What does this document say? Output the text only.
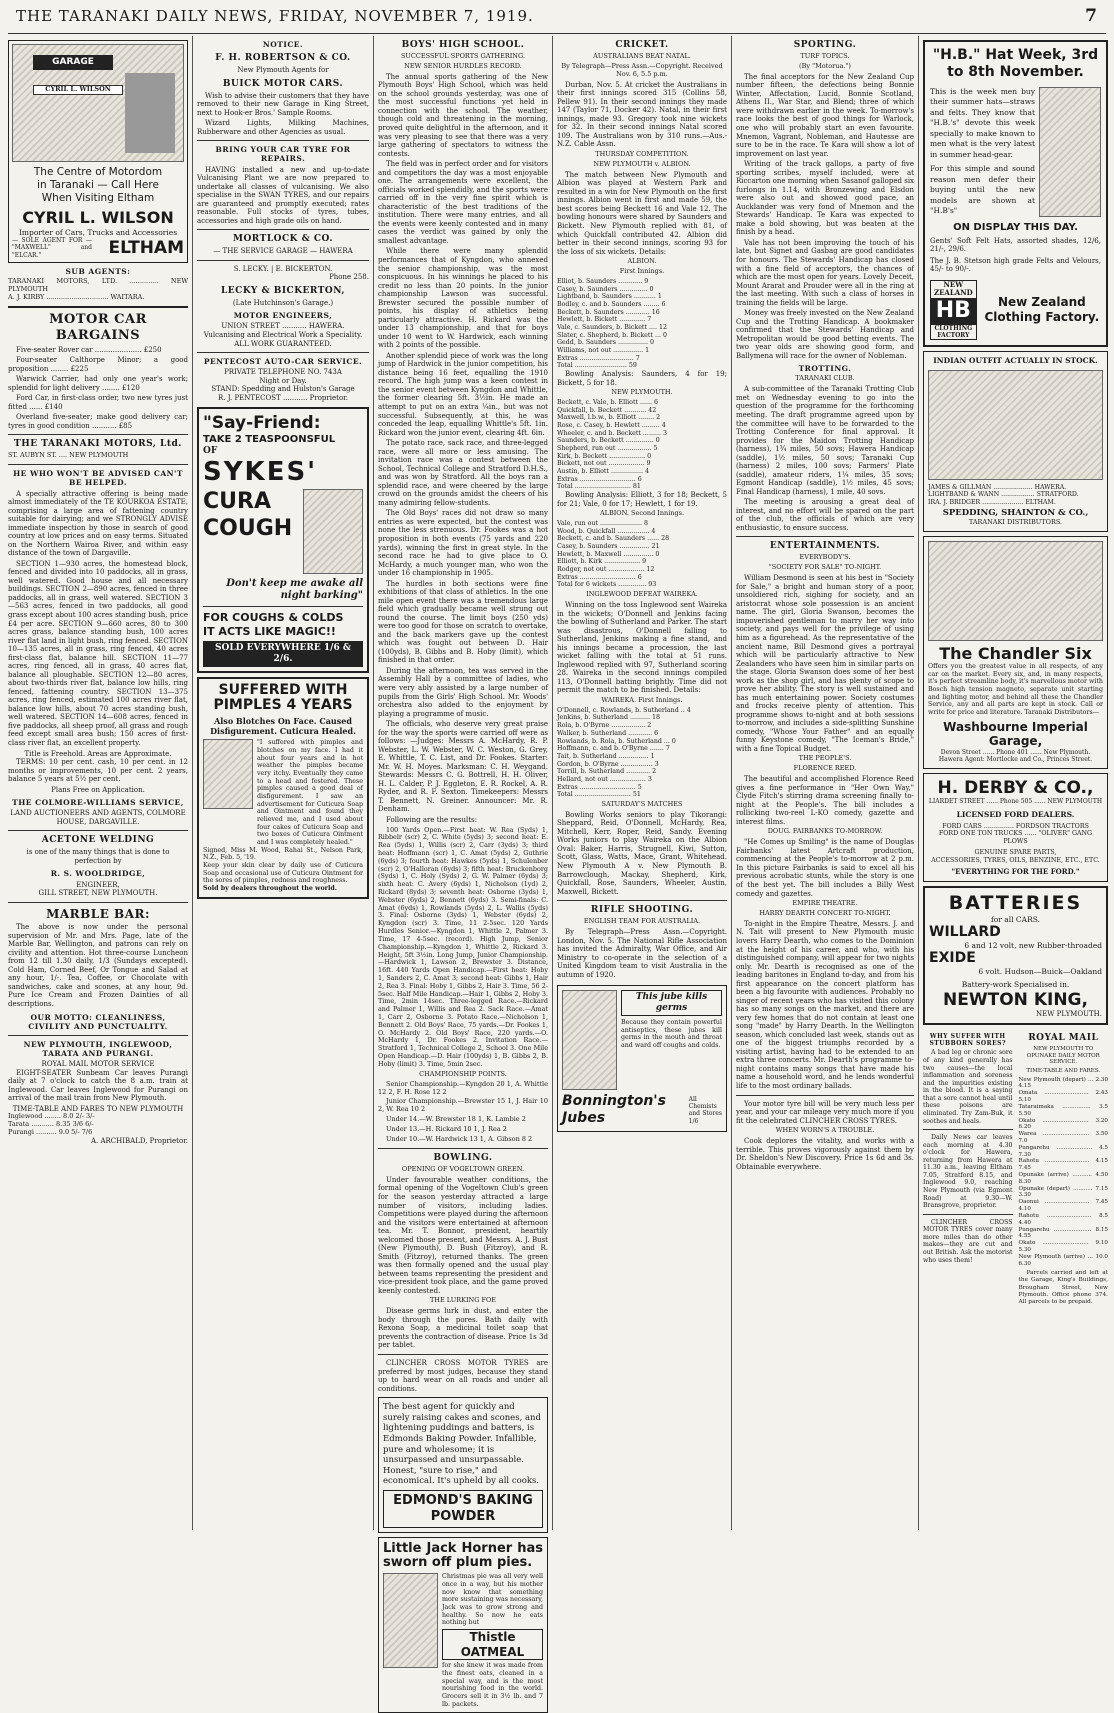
THE TARANAKI DAILY NEWS, FRIDAY, NOVEMBER 7, 1919.	7
GARAGE
CYRIL L. WILSON
The Centre of Motordom
in Taranaki — Call Here
When Visiting Eltham
CYRIL L. WILSON
Importer of Cars, Trucks and Accessories
— SOLE AGENT FOR — "MAXWELL" and "ELCAR."	ELTHAM
SUB AGENTS:
TARANAKI MOTORS, LTD. .............. NEW PLYMOUTH
A. J. KIRBY .............................. WAITARA.
MOTOR CAR BARGAINS
Five-seater Rover car ..................... £250
Four-seater Calthorpe Minor; a good proposition ........ £225
Warwick Carrier, had only one year's work; splendid for light delivery ........ £120
Ford Car, in first-class order, two new tyres just fitted ...... £140
Overland five-seater; make good delivery car; tyres in good condition ........... £85
THE TARANAKI MOTORS, Ltd.
ST. AUBYN ST. .... NEW PLYMOUTH
HE WHO WON'T BE ADVISED CAN'T BE HELPED.
A specially attractive offering is being made almost immediately of the TE KOURKOA ESTATE, comprising a large area of fattening country suitable for dairying; and we STRONGLY ADVISE immediate inspection by those in search of good country at low prices and on easy terms. Situated on the Northern Wairoa River, and within easy distance of the town of Dargaville.
SECTION 1—930 acres, the homestead block, fenced and divided into 10 paddocks, all in grass, well watered. Good house and all necessary buildings. SECTION 2—890 acres, fenced in three paddocks, all in grass, well watered. SECTION 3—563 acres, fenced in two paddocks, all good grass except about 100 acres standing bush, price £4 per acre. SECTION 9—660 acres, 80 to 300 acres grass, balance standing bush, 100 acres river flat land in light bush, ring fenced. SECTION 10—135 acres, all in grass, ring fenced, 40 acres first-class flat, balance hill. SECTION 11—77 acres, ring fenced, all in grass, 40 acres flat, balance all ploughable. SECTION 12—80 acres, about two-thirds river flat, balance low hills, ring fenced, fattening country. SECTION 13—375 acres, ring fenced, estimated 100 acres river flat, balance low hills, about 70 acres standing bush, well watered. SECTION 14—608 acres, fenced in five paddocks, all sheep proof, all grass and rough feed except small area bush; 150 acres of first-class river flat, an excellent property.
Title is Freehold. Areas are Approximate.
TERMS: 10 per cent. cash, 10 per cent. in 12 months or improvements, 10 per cent. 2 years, balance 5 years at 5½ per cent.
Plans Free on Application.
THE COLMORE-WILLIAMS SERVICE,
LAND AUCTIONEERS AND AGENTS, COLMORE HOUSE, DARGAVILLE.
ACETONE WELDING
is one of the many things that is done to perfection by
R. S. WOOLDRIDGE,
ENGINEER,
GILL STREET, NEW PLYMOUTH.
MARBLE BAR:
The above is now under the personal supervision of Mr. and Mrs. Page, late of the Marble Bar, Wellington, and patrons can rely on civility and attention. Hot three-course Luncheon from 12 till 1.30 daily, 1/3 (Sundays excepted). Cold Ham, Corned Beef, Or Tongue and Salad at any hour, 1/-. Tea, Coffee, or Chocolate with sandwiches, cake and scones, at any hour, 9d. Pure Ice Cream and Frozen Dainties of all descriptions.
OUR MOTTO: CLEANLINESS, CIVILITY AND PUNCTUALITY.
NEW PLYMOUTH, INGLEWOOD, TARATA AND PURANGI.
ROYAL MAIL MOTOR SERVICE
EIGHT-SEATER Sunbeam Car leaves Purangi daily at 7 o'clock to catch the 8 a.m. train at Inglewood. Car leaves Inglewood for Purangi on arrival of the mail train from New Plymouth.
TIME-TABLE AND FARES TO NEW PLYMOUTH
Inglewood ........ 8.0 2/- 3/-
Tarata ........... 8.35 3/6 6/-
Purangi .......... 9.0 5/- 7/6
A. ARCHIBALD, Proprietor.
NOTICE.
F. H. ROBERTSON & CO.
New Plymouth Agents for
BUICK MOTOR CARS.
Wish to advise their customers that they have removed to their new Garage in King Street, next to Hook-er Bros.' Sample Rooms.
Wizard Lights, Milking Machines, Rubberware and other Agencies as usual.
BRING YOUR CAR TYRE FOR REPAIRS.
HAVING installed a new and up-to-date Vulcanising Plant we are now prepared to undertake all classes of vulcanising. We also specialise in the SWAN TYRES, and our repairs are guaranteed and promptly executed; rates reasonable. Full stocks of tyres, tubes, accessories and high grade oils on hand.
MORTLOCK & CO.
— THE SERVICE GARAGE — HAWERA
S. LECKY. | E. BICKERTON.
Phone 258.
LECKY & BICKERTON,
(Late Hutchinson's Garage.)
MOTOR ENGINEERS,
UNION STREET ........... HAWERA.
Vulcanising and Electrical Work a Speciality.
ALL WORK GUARANTEED.
PENTECOST AUTO-CAR SERVICE.
PRIVATE TELEPHONE NO. 743A
Night or Day.
STAND: Spedding and Hulston's Garage
R. J. PENTECOST ........... Proprietor.
"Say-Friend:
TAKE 2 TEASPOONSFUL
OF
SYKES'
CURA
COUGH
Don't keep me awake all night barking"
FOR COUGHS & COLDS
IT ACTS LIKE MAGIC!!
SOLD EVERYWHERE 1/6 & 2/6.
SUFFERED WITH PIMPLES 4 YEARS
Also Blotches On Face. Caused Disfigurement. Cuticura Healed.
"I suffered with pimples and blotches on my face. I had it about four years and in hot weather the pimples became very itchy. Eventually they came to a head and festered. These pimples caused a good deal of disfigurement. I saw an advertisement for Cuticura Soap and Ointment and found they relieved me, and I used about four cakes of Cuticura Soap and two boxes of Cuticura Ointment and I was completely healed."
Signed, Miss M. Wood, Rahai St., Nelson Park, N.Z., Feb. 5, '19.
Keep your skin clear by daily use of Cuticura Soap and occasional use of Cuticura Ointment for the sores of pimples, redness and roughness.
Sold by dealers throughout the world.
BOYS' HIGH SCHOOL.
SUCCESSFUL SPORTS GATHERING.
NEW SENIOR HURDLES RECORD.
The annual sports gathering of the New Plymouth Boys' High School, which was held on the school grounds yesterday, was one of the most successful functions yet held in connection with the school. The weather, though cold and threatening in the morning, proved quite delightful in the afternoon, and it was very pleasing to see that there was a very large gathering of spectators to witness the contests.
The field was in perfect order and for visitors and competitors the day was a most enjoyable one. The arrangements were excellent, the officials worked splendidly, and the sports were carried off in the very fine spirit which is characteristic of the best traditions of the institution. There were many entries, and all the events were keenly contested and in many cases the verdict was gained by only the smallest advantage.
While there were many splendid performances that of Kyngdon, who annexed the senior championship, was the most conspicuous. In his winnings he placed to his credit no less than 20 points. In the junior championship Lawson was successful. Brewster secured the possible number of points, his display of athletics being particularly attractive. H. Rickard was the under 13 championship, and that for boys under 10 went to W. Hardwick, each winning with 2 points of the possible.
Another splendid piece of work was the long jump of Hardwick in the junior competition, his distance being 16 feet, equalling the 1910 record. The high jump was a keen contest in the senior event between Kyngdon and Whittle, the former clearing 5ft. 3½in. He made an attempt to put on an extra ¼in., but was not successful. Subsequently, at this, he was conceded the leap, equalling Whittle's 5ft. 1in. Rickard won the junior event, clearing 4ft. 6in.
The potato race, sack race, and three-legged race, were all more or less amusing. The invitation race was a contest between the School, Technical College and Stratford D.H.S., and was won by Stratford. All the boys ran a splendid race, and were cheered by the large crowd on the grounds amidst the cheers of his many admiring fellow-students.
The Old Boys' races did not draw so many entries as were expected, but the contest was none the less strenuous. Dr. Fookes was a hot proposition in both events (75 yards and 220 yards), winning the first in great style. In the second race he had to give place to O. McHardy, a much younger man, who won the under 16 championship in 1905.
The hurdles in both sections were fine exhibitions of that class of athletics. In the one mile open event there was a tremendous large field which gradually became well strung out round the course. The limit boys (250 yds) were too good for those on scratch to overtake, and the back markers gave up the contest which was fought out between D. Hair (100yds), B. Gibbs and B. Hoby (limit), which finished in that order.
During the afternoon, tea was served in the Assembly Hall by a committee of ladies, who were very ably assisted by a large number of pupils from the Girls' High School. Mr. Woods' orchestra also added to the enjoyment by playing a programme of music.
The officials, who deserve very great praise for the way the sports were carried off were as follows: —Judges: Messrs A. McHardy, R. P. Webster, L. W. Webster, W. C. Weston, G. Grey, E. Whittle, T. C. List, and Dr. Fookes. Starter: Mr. W. H. Moyes. Marksman: C. H. Weygand. Stewards: Messrs C. G. Bottrell, H. H. Oliver, H. L. Calder, P. J. Eggleton, E. R. Rockel, A. R. Ryder, and R. F. Sexton. Timekeepers: Messrs T. Bennett, N. Greiner. Announcer: Mr. R. Denham.
Following are the results:
100 Yards Open.—First heat: W. Rea (Syds) 1, Ribbelr (scr) 2, C. White (5yds) 3; second heat: E. Rea (5yds) 1, Willis (scr) 2, Carr (3yds) 3; third heat: Hoffmann (scr) 1, C. Amat (5yds) 2, Guthrie (6yds) 3; fourth heat: Hawkes (5yds) 1, Schulenber (scr) 2, O'Halloran (6yds) 3; fifth heat: Bruckenborg (Syds) 1, C. Holy (Syds) 2, G. W. Palmer (6yds) 3; sixth heat: C. Avery (6yds) 1, Nicholson (1yd) 2, Rickard (8yds) 3; seventh heat: Osborne (3yds) 1, Webster (6yds) 2, Bennett (6yds) 3. Semi-finals: C. Amat (6yds) 1, Rowlands (5yds) 2, L. Wallis (5yds) 3. Final: Osborne (3yds) 1, Webster (6yds) 2, Kyngdon (scr) 3. Time, 11 2-5sec. 120 Yards Hurdles Senior.—Kyngdon 1, Whittle 2, Palmer 3. Time, 17 4-5sec. (record). High Jump, Senior Championship.—Kyngdon 1, Whittle 2, Rickard 3. Height, 5ft 3½in. Long Jump, Junior Championship.—Hardwick 1, Lawson 2, Brewster 3. Distance, 16ft. 440 Yards Open Handicap.—First heat: Hoby 1, Sanders 2, C. Amat 3; second heat: Gibbs 1, Hair 2, Rea 3. Final: Hoby 1, Gibbs 2, Hair 3. Time, 56 2-5sec. Half Mile Handicap.—Hair 1, Gibbs 2, Hoby 3. Time, 2min 14sec. Three-legged Race.—Rickard and Palmer 1, Willis and Rea 2. Sack Race.—Amat 1, Carr 2, Osborne 3. Potato Race.—Nicholson 1, Bennett 2. Old Boys' Race, 75 yards.—Dr. Fookes 1, O. McHardy 2. Old Boys' Race, 220 yards.—O. McHardy 1, Dr. Fookes 2. Invitation Race.—Stratford 1, Technical College 2, School 3. One Mile Open Handicap.—D. Hair (100yds) 1, B. Gibbs 2, B. Hoby (limit) 3. Time, 5min 2sec.
CHAMPIONSHIP POINTS.
Senior Championship.—Kyngdon 20 1, A. Whittle 12 2, F. H. Rose 12 2
Junior Championship.—Brewster 15 1, J. Hair 10 2, W. Rea 10 2
Under 14.—W. Brewster 18 1, K. Lambie 2
Under 13.—H. Rickard 10 1, J. Rea 2
Under 10.—W. Hardwick 13 1, A. Gibson 8 2
BOWLING.
OPENING OF VOGELTOWN GREEN.
Under favourable weather conditions, the formal opening of the Vogeltown Club's green for the season yesterday attracted a large number of visitors, including ladies. Competitions were played during the afternoon and the visitors were entertained at afternoon tea. Mr. T. Bonnor, president, heartily welcomed those present, and Messrs. A. J. Bust (New Plymouth), D. Bush (Fitzroy), and R. Smith (Fitzroy), returned thanks. The green was then formally opened and the usual play between teams representing the president and vice-president took place, and the game proved keenly contested.
THE LURKING FOE
Disease germs lurk in dust, and enter the body through the pores. Bath daily with Rexona Soap, a medicinal toilet soap that prevents the contraction of disease. Price 1s 3d per tablet.
CLINCHER CROSS MOTOR TYRES are preferred by most judges, because they stand up to hard wear on all roads and under all conditions.
The best agent for quickly and surely raising cakes and scones, and lightening puddings and batters, is Edmonds Baking Powder. Infallible, pure and wholesome; it is unsurpassed and unsurpassable. Honest, "sure to rise," and economical. It's upheld by all cooks.
EDMOND'S BAKING POWDER
Little Jack Horner has sworn off plum pies.
Christmas pie was all very well once in a way, but his mother now know that something more sustaining was necessary, Jack was to grow strong and healthy. So now he eats nothing but
Thistle OATMEAL
for she knew it was made from the finest oats, cleaned in a special way, and is the most nourishing food in the world. Grocers sell it in 3½ lb. and 7 lb. packets.
CRICKET.
AUSTRALIANS BEAT NATAL.
By Telegraph—Press Assn.—Copyright. Received Nov. 6, 5.5 p.m.
Durban, Nov. 5. At cricket the Australians in their first innings scored 315 (Collins 58, Pellew 91). In their second innings they made 147 (Taylor 71, Docker 42). Natal, in their first innings, made 93. Gregory took nine wickets for 32. In their second innings Natal scored 109. The Australians won by 310 runs.—Aus.-N.Z. Cable Assn.
THURSDAY COMPETITION.
NEW PLYMOUTH v. ALBION.
The match between New Plymouth and Albion was played at Western Park and resulted in a win for New Plymouth on the first innings. Albion went in first and made 59, the best scores being Beckett 16 and Vale 12. The bowling honours were shared by Saunders and Bickett. New Plymouth replied with 81, of which Quickfall contributed 42. Albion did better in their second innings, scoring 93 for the loss of six wickets. Details:
ALBION.
First Innings.
Elliot, b. Saunders ............ 9
Casey, b. Saunders .............. 0
Lightband, b. Saunders ........... 1
Bodley, c. and b. Saunders ........ 6
Beckett, b. Saunders ............ 16
Hewlett, b. Bickett ............. 7
Vale, c. Saunders, b. Bickett .... 12
Slater, c. Shepherd, b. Bickett ... 0
Gedd, b. Saunders ............... 0
Williams, not out ............... 1
Extras ........................... 7
Total .......................... 59
Bowling Analysis: Saunders, 4 for 19; Bickett, 5 for 18.
NEW PLYMOUTH.
Beckett, c. Vale, b. Elliott ...... 6
Quickfall, b. Beckett ........... 42
Maxwell, l.b.w., b. Elliott ........ 2
Rose, c. Casey, b. Hewlett ......... 4
Wheeler, c. and b. Beckett ......... 3
Saunders, b. Beckett .............. 0
Shepherd, run out ................. 5
Kirk, b. Beckett .................. 0
Bickett, not out .................. 9
Austin, b. Elliott ................ 4
Extras ............................ 6
Total ............................ 81
Bowling Analysis: Elliott, 3 for 18; Beckett, 5 for 21; Vale, 0 for 17; Hewlett, 1 for 19.
ALBION. Second Innings.
Vale, run out ..................... 8
Wood, b. Quickfall ................ 4
Beckett, c. and b. Saunders ...... 28
Casey, b. Saunders ............... 21
Hewlett, b. Maxwell ............... 0
Elliott, b. Kirk .................. 9
Rodger, not out .................. 12
Extras ............................ 6
Total for 6 wickets .............. 93
INGLEWOOD DEFEAT WAIREKA.
Winning on the toss Inglewood sent Waireka in the wickets; O'Donnell and Jenkins facing the bowling of Sutherland and Parker. The start was disastrous, O'Donnell falling to Sutherland, Jenkins making a fine stand, and his innings became a procession, the last wicket falling with the total at 51 runs. Inglewood replied with 97, Sutherland scoring 28. Waireka in the second innings compiled 113, O'Donnell batting brightly. Time did not permit the match to be finished. Details:
WAIREKA. First Innings.
O'Donnell, c. Rowlands, b. Sutherland .. 4
Jenkins, b. Sutherland .......... 18
Rola, b. O'Byrne ................. 2
Walker, b. Sutherland ............ 6
Rowlands, b. Rola, b. Sutherland ... 0
Hoffmann, c. and b. O'Byrne ....... 7
Tait, b. Sutherland ............... 1
Gordon, b. O'Byrne ................ 3
Torrill, b. Sutherland ............ 2
Hellard, not out .................. 3
Extras ............................ 5
Total ............................ 51
SATURDAY'S MATCHES
Bowling Works seniors to play Tikorangi: Sheppard, Reid, O'Donnell, McHardy, Rea, Mitchell, Kerr, Roper, Reid, Sandy. Evening Works juniors to play Waireka on the Albion Oval: Baker, Harris, Strugnell, Kiwi, Sutton, Scott, Glass, Watts, Mace, Grant, Whitehead. New Plymouth A v. New Plymouth B. Barrowclough, Mackay, Shepherd, Kirk, Quickfall, Rose, Saunders, Wheeler, Austin, Maxwell, Bickett.
RIFLE SHOOTING.
ENGLISH TEAM FOR AUSTRALIA.
By Telegraph—Press Assn.—Copyright. London, Nov. 5. The National Rifle Association has invited the Admiralty, War Office, and Air Ministry to co-operate in the selection of a United Kingdom team to visit Australia in the autumn of 1920.
This jube kills germs
Because they contain powerful antiseptics, these jubes kill germs in the mouth and throat and ward off coughs and colds.
Bonnington's Jubes
All Chemists and Stores 1/6
SPORTING.
TURF TOPICS.
(By "Motorua.")
The final acceptors for the New Zealand Cup number fifteen, the defections being Bonnie Winter, Affectation, Lucid, Bonnie Scotland, Athens II., War Star, and Blend; three of which were withdrawn earlier in the week. To-morrow's race looks the best of good things for Warlock, one who will probably start an even favourite. Mnemon, Vagrant, Nobleman, and Hautesse are sure to be in the race. Te Kara will show a lot of improvement on last year.
Writing of the track gallops, a party of five sporting scribes, myself included, were at Riccarton one morning when Sasanof galloped six furlongs in 1.14, with Bronzewing and Elsdon were also out and showed good pace, an Aucklander was very fond of Mnemon and the Stewards' Handicap. Te Kara was expected to make a bold showing, but was beaten at the finish by a head.
Vale has not been improving the touch of his late, but Signet and Gasbag are good candidates for honours. The Stewards' Handicap has closed with a fine field of acceptors, the chances of which are the most open for years. Lovely Deceit, Mount Ararat and Prouder were all in the ring at the last meeting. With such a class of horses in training the fields will be large.
Money was freely invested on the New Zealand Cup and the Trotting Handicap. A bookmaker confirmed that the Stewards' Handicap and Metropolitan would be good betting events. The two year olds are showing good form, and Ballymena will race for the owner of Nobleman.
TROTTING.
TARANAKI CLUB.
A sub-committee of the Taranaki Trotting Club met on Wednesday evening to go into the question of the programme for the forthcoming meeting. The draft programme agreed upon by the committee will have to be forwarded to the Trotting Conference for final approval. It provides for the Maidon Trotting Handicap (harness), 1¾ miles, 50 sovs; Hawera Handicap (saddle), 1½ miles, 50 sovs; Taranaki Cup (harness) 2 miles, 100 sovs; Farmers' Plate (saddle), amateur riders, 1¼ miles, 35 sovs; Egmont Handicap (saddle), 1½ miles, 45 sovs; Final Handicap (harness), 1 mile, 40 sovs.
The meeting is arousing a great deal of interest, and no effort will be spared on the part of the club, the officials of which are very enthusiastic, to ensure success.
ENTERTAINMENTS.
EVERYBODY'S.
"SOCIETY FOR SALE" TO-NIGHT.
William Desmond is seen at his best in "Society for Sale," a bright and human story of a poor, unsoldiered rich, sighing for society, and an aristocrat whose sole possession is an ancient name. The girl, Gloria Swanson, becomes the impoverished gentleman to marry her way into society, and pays well for the privilege of using him as a figurehead. As the representative of the ancient name, Bill Desmond gives a portrayal which will be particularly attractive to New Zealanders who have seen him in similar parts on the stage. Gloria Swanson does some of her best work as the shop girl, and has plenty of scope to prove her ability. The story is well sustained and has much entertaining power. Society costumes and frocks receive plenty of attention. This programme shows to-night and at both sessions to-morrow, and includes a side-splitting Sunshine comedy, "Whose Your Father" and an equally funny Keystone comedy, "The Iceman's Bride," with a fine Topical Budget.
THE PEOPLE'S.
FLORENCE REED.
The beautiful and accomplished Florence Reed gives a fine performance in "Her Own Way," Clyde Fitch's stirring drama screening finally to-night at the People's. The bill includes a rollicking two-reel L-KO comedy, gazette and interest films.
DOUG. FAIRBANKS TO-MORROW.
"He Comes up Smiling" is the name of Douglas Fairbanks' latest Artcraft production, commencing at the People's to-morrow at 2 p.m. In this picture Fairbanks is said to excel all his previous acrobatic stunts, while the story is one of the best yet. The bill includes a Billy West comedy and gazettes.
EMPIRE THEATRE.
HARRY DEARTH CONCERT TO-NIGHT.
To-night in the Empire Theatre, Messrs. J. and N. Tait will present to New Plymouth music lovers Harry Dearth, who comes to the Dominion at the height of his career, and who, with his distinguished company, will appear for two nights only. Mr. Dearth is recognised as one of the leading baritones in England to-day, and from his first appearance on the concert platform has been a big favourite with audiences. Probably no singer of recent years who has visited this colony has so many songs on the market, and there are very few homes that do not contain at least one song "made" by Harry Dearth. In the Wellington season, which concluded last week, stands out as one of the biggest triumphs recorded by a visiting artist, having had to be extended to an extra three concerts. Mr. Dearth's programme to-night contains many songs that have made his name a household word, and he lends wonderful life to the most ordinary ballads.
Your motor tyre bill will be very much less per year, and your car mileage very much more if you fit the celebrated CLINCHER CROSS TYRES.
WHEN WORN'S A TROUBLE.
Cook deplores the vitality, and works with a terrible. This proves vigorously against them by Dr. Sheldon's New Discovery. Price 1s 6d and 3s. Obtainable everywhere.
"H.B." Hat Week, 3rd to 8th November.
This is the week men buy their summer hats—straws and felts. They know that "H.B.'s" devote this week specially to make known to men what is the very latest in summer head-gear.
For this simple and sound reason men defer their buying until the new models are shown at "H.B's"
ON DISPLAY THIS DAY.
Gents' Soft Felt Hats, assorted shades, 12/6, 21/-, 29/6.
The J. B. Stetson high grade Felts and Velours, 45/- to 90/-.
NEW ZEALAND
HB
CLOTHING FACTORY
New Zealand Clothing Factory.
INDIAN OUTFIT ACTUALLY IN STOCK.
JAMES & GILLMAN .................... HAWERA.
LIGHTBAND & WANN ................. STRATFORD.
IRA. J. BRIDGER ..................... ELTHAM.
SPEDDING, SHAINTON & CO.,
TARANAKI DISTRIBUTORS.
The Chandler Six
Offers you the greatest value in all respects, of any car on the market. Every six, and, in many respects, it's perfect streamline body, it's marvellous motor with Bosch high tension magneto, separate unit starting and lighting motor, and behind all these the Chandler Service, any and all parts are kept in stock. Call or write for price and literature. Taranaki Distributors—
Washbourne Imperial Garage,
Devon Street ...... Phone 401 ...... New Plymouth.
Hawera Agent: Mortlocke and Co., Princes Street.
H. DERBY & CO.,
LIARDET STREET ...... Phone 505 ...... NEW PLYMOUTH
LICENSED FORD DEALERS.
FORD CARS ............... FORDSON TRACTORS
FORD ONE TON TRUCKS ...... "OLIVER" GANG PLOWS
GENUINE SPARE PARTS,
ACCESSORIES, TYRES, OILS, BENZINE, ETC., ETC.
"EVERYTHING FOR THE FORD."
BATTERIES
for all CARS.
WILLARD
6 and 12 volt, new Rubber-throaded
EXIDE
6 volt. Hudson—Buick—Oakland
Battery-work Specialised in.
NEWTON KING,
NEW PLYMOUTH.
WHY SUFFER WITH STUBBORN SORES?
A bad leg or chronic sore of any kind generally has two causes—the local inflammation and soreness and the impurities existing in the blood. It is a saying that a sore cannot heal until these poisons are eliminated. Try Zam-Buk, it soothes and heals.
Daily News car leaves each morning at 4.30 o'clock for Hawera, returning from Hawera at 11.30 a.m., leaving Eltham 7.05, Stratford 8.15, and Inglewood 9.0, reaching New Plymouth (via Egmont Road) at 9.30—W. Bransgrove, proprietor.
CLINCHER CROSS MOTOR TYRES cover many more miles than do other makes—they are cut and out British. Ask the motorist who uses them!
ROYAL MAIL
NEW PLYMOUTH TO OPUNAKE DAILY MOTOR SERVICE.
TIME-TABLE AND FARES.
New Plymouth (depart) ... 2.30 4.15
Omata ......................... 2.43 5.10
Tataraimaka ................ 3.5 5.50
Okato .......................... 3.20 6.20
Warea .......................... 3.50 7.0
Pungarehu .................... 4.5 7.30
Rahotu ......................... 4.15 7.45
Opunake (arrive) ........... 4.50 8.30
Opunake (depart) ........... 7.15 3.30
Oaonui ......................... 7.45 4.10
Rahotu ......................... 8.5 4.40
Pungarehu ..................... 8.15 4.55
Okato .......................... 9.10 5.30
New Plymouth (arrive) ... 10.0 6.30
Parcels carried and left at the Garage, King's Buildings, Brougham Street, New Plymouth. Office phone 374. All parcels to be prepaid.
